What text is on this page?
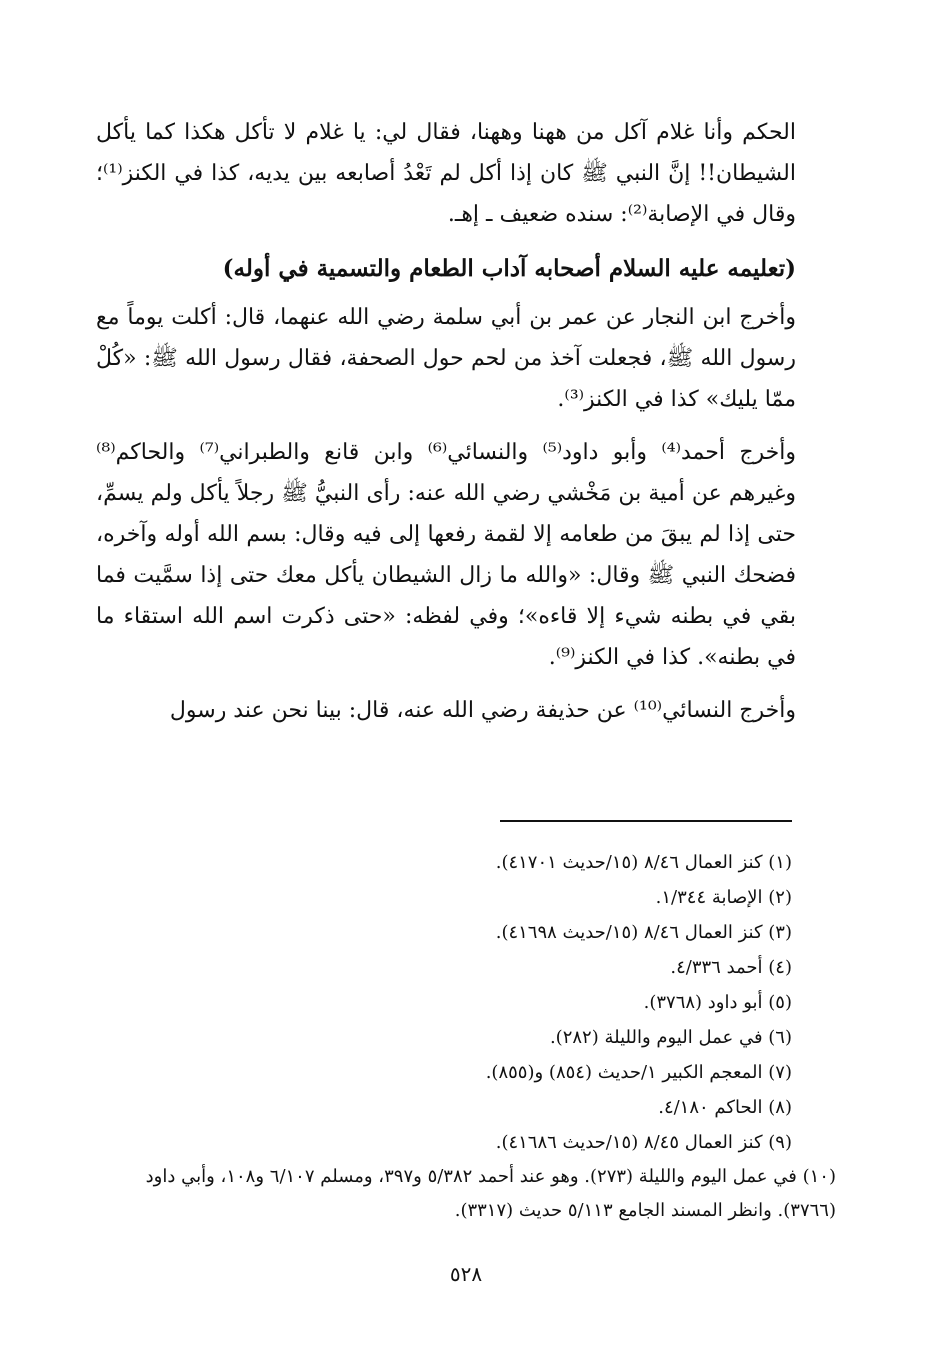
الحكم وأنا غلام آكل من ههنا وههنا، فقال لي: يا غلام لا تأكل هكذا كما يأكل الشيطان!! إنَّ النبي ﷺ كان إذا أكل لم تَعْدُ أصابعه بين يديه، كذا في الكنز⁽¹⁾؛ وقال في الإصابة⁽²⁾: سنده ضعيف ـ إهـ.

(تعليمه عليه السلام أصحابه آداب الطعام والتسمية في أوله)

وأخرج ابن النجار عن عمر بن أبي سلمة رضي الله عنهما، قال: أكلت يوماً مع رسول الله ﷺ، فجعلت آخذ من لحم حول الصحفة، فقال رسول الله ﷺ: «كُلْ ممّا يليك» كذا في الكنز⁽³⁾.

وأخرج أحمد⁽⁴⁾ وأبو داود⁽⁵⁾ والنسائي⁽⁶⁾ وابن قانع والطبراني⁽⁷⁾ والحاكم⁽⁸⁾ وغيرهم عن أمية بن مَخْشي رضي الله عنه: رأى النبيُّ ﷺ رجلاً يأكل ولم يسمِّ، حتى إذا لم يبقَ من طعامه إلا لقمة رفعها إلى فيه وقال: بسم الله أوله وآخره، فضحك النبي ﷺ وقال: «والله ما زال الشيطان يأكل معك حتى إذا سمَّيت فما بقي في بطنه شيء إلا قاءه»؛ وفي لفظه: «حتى ذكرت اسم الله استقاء ما في بطنه». كذا في الكنز⁽⁹⁾.

وأخرج النسائي⁽¹⁰⁾ عن حذيفة رضي الله عنه، قال: بينا نحن عند رسول

(١) كنز العمال ٨/٤٦ (١٥/حديث ٤١٧٠١).
(٢) الإصابة ١/٣٤٤.
(٣) كنز العمال ٨/٤٦ (١٥/حديث ٤١٦٩٨).
(٤) أحمد ٤/٣٣٦.
(٥) أبو داود (٣٧٦٨).
(٦) في عمل اليوم والليلة (٢٨٢).
(٧) المعجم الكبير ١/حديث (٨٥٤) و(٨٥٥).
(٨) الحاكم ٤/١٨٠.
(٩) كنز العمال ٨/٤٥ (١٥/حديث ٤١٦٨٦).
(١٠) في عمل اليوم والليلة (٢٧٣). وهو عند أحمد ٥/٣٨٢ و٣٩٧، ومسلم ٦/١٠٧ و١٠٨، وأبي داود (٣٧٦٦). وانظر المسند الجامع ٥/١١٣ حديث (٣٣١٧).
٥٢٨
